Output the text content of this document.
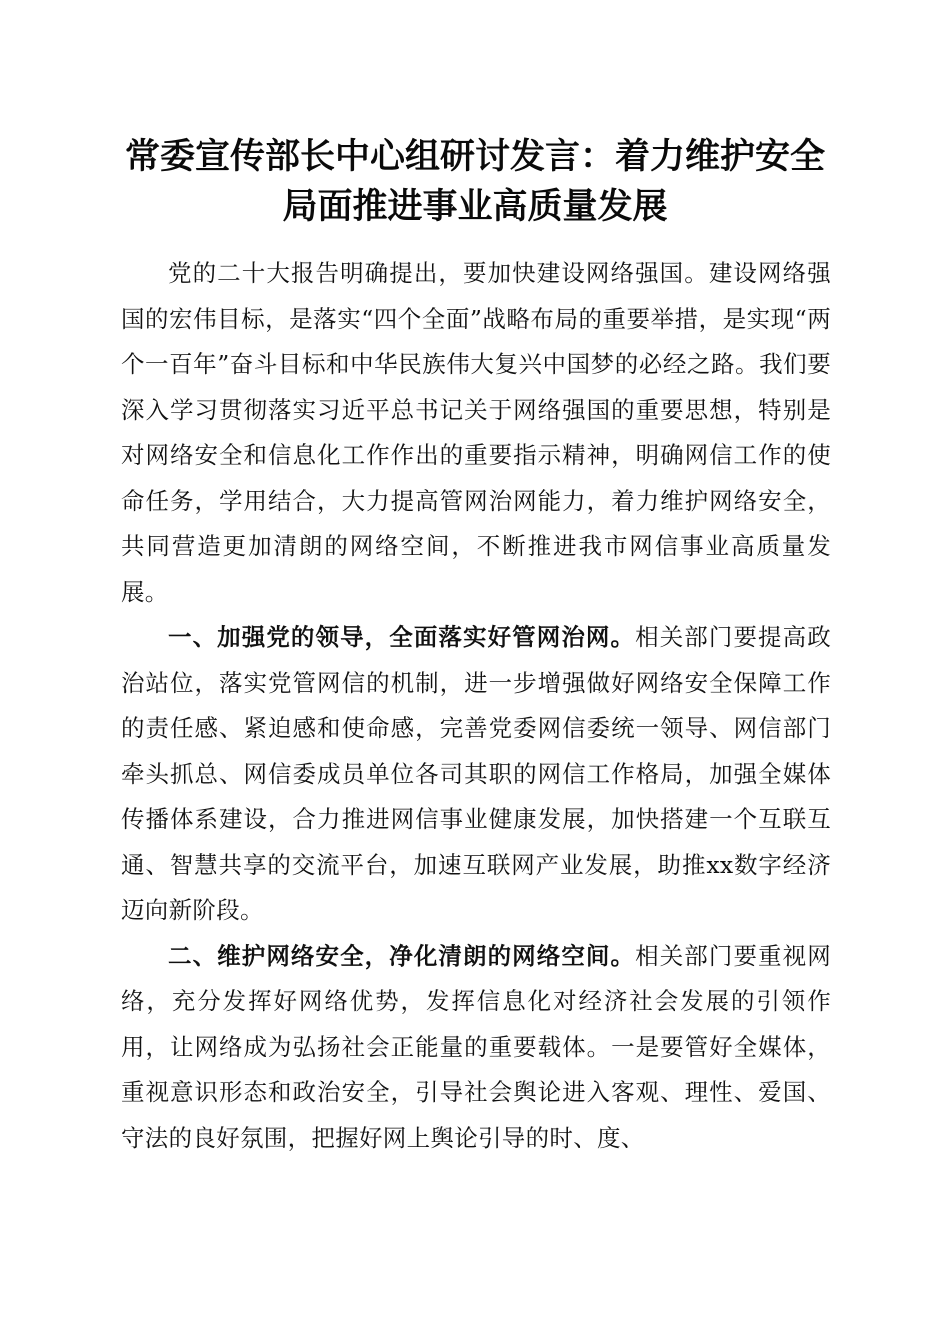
常委宣传部长中心组研讨发言：着力维护安全
局面推进事业高质量发展

党的二十大报告明确提出，要加快建设网络强国。建设网络强国的宏伟目标，是落实“四个全面”战略布局的重要举措，是实现“两个一百年”奋斗目标和中华民族伟大复兴中国梦的必经之路。我们要深入学习贯彻落实习近平总书记关于网络强国的重要思想，特别是对网络安全和信息化工作作出的重要指示精神，明确网信工作的使命任务，学用结合，大力提高管网治网能力，着力维护网络安全，共同营造更加清朗的网络空间，不断推进我市网信事业高质量发展。

一、加强党的领导，全面落实好管网治网。相关部门要提高政治站位，落实党管网信的机制，进一步增强做好网络安全保障工作的责任感、紧迫感和使命感，完善党委网信委统一领导、网信部门牵头抓总、网信委成员单位各司其职的网信工作格局，加强全媒体传播体系建设，合力推进网信事业健康发展，加快搭建一个互联互通、智慧共享的交流平台，加速互联网产业发展，助推xx数字经济迈向新阶段。

二、维护网络安全，净化清朗的网络空间。相关部门要重视网络，充分发挥好网络优势，发挥信息化对经济社会发展的引领作用，让网络成为弘扬社会正能量的重要载体。一是要管好全媒体，重视意识形态和政治安全，引导社会舆论进入客观、理性、爱国、守法的良好氛围，把握好网上舆论引导的时、度、
